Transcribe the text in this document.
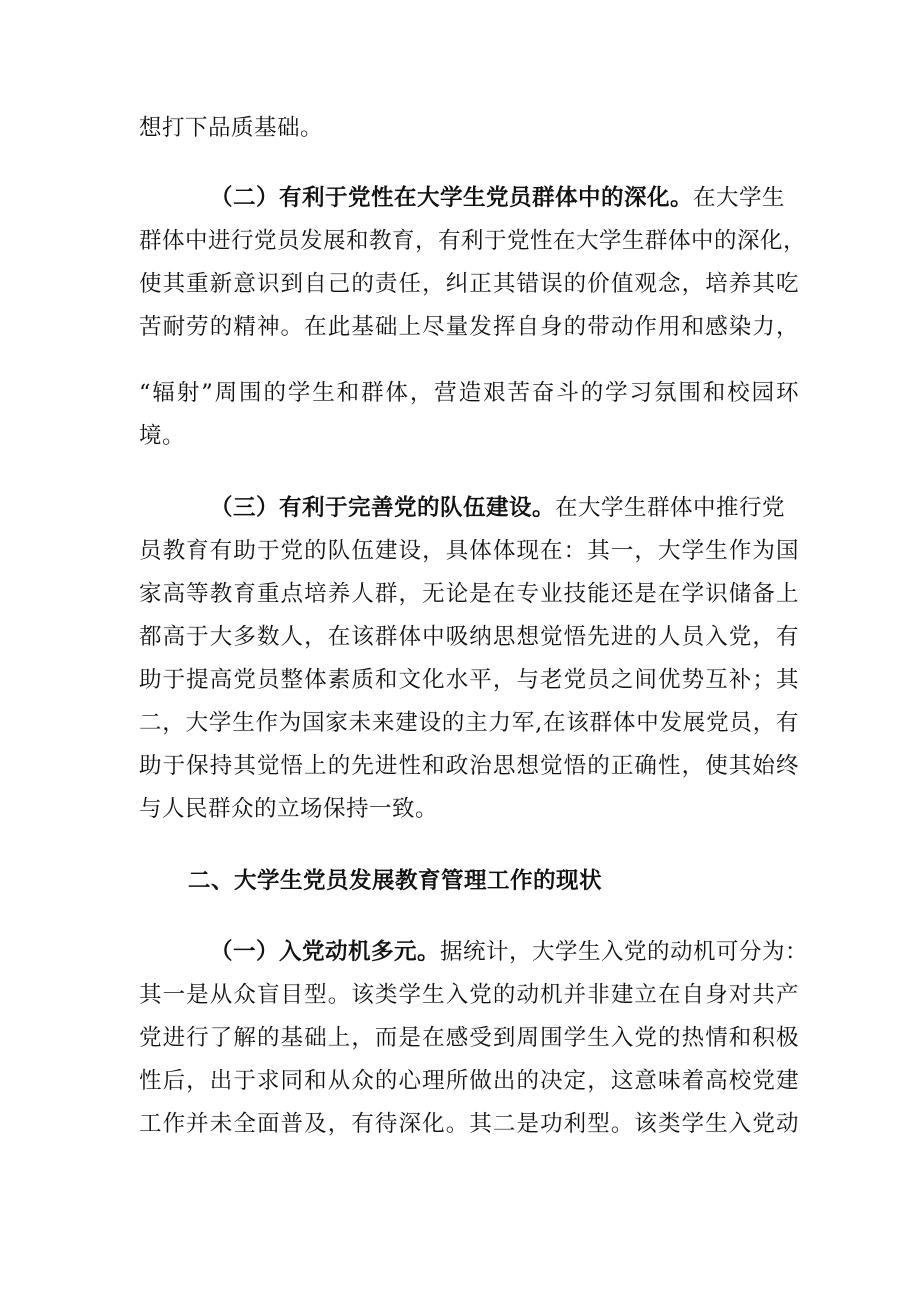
想打下品质基础。
（二）有利于党性在大学生党员群体中的深化。在大学生
群体中进行党员发展和教育，有利于党性在大学生群体中的深化，
使其重新意识到自己的责任，纠正其错误的价值观念，培养其吃
苦耐劳的精神。在此基础上尽量发挥自身的带动作用和感染力，
“辐射”周围的学生和群体，营造艰苦奋斗的学习氛围和校园环
境。
（三）有利于完善党的队伍建设。在大学生群体中推行党
员教育有助于党的队伍建设，具体体现在：其一，大学生作为国
家高等教育重点培养人群，无论是在专业技能还是在学识储备上
都高于大多数人，在该群体中吸纳思想觉悟先进的人员入党，有
助于提高党员整体素质和文化水平，与老党员之间优势互补；其
二，大学生作为国家未来建设的主力军,在该群体中发展党员，有
助于保持其觉悟上的先进性和政治思想觉悟的正确性，使其始终
与人民群众的立场保持一致。
二、大学生党员发展教育管理工作的现状
（一）入党动机多元。据统计，大学生入党的动机可分为：
其一是从众盲目型。该类学生入党的动机并非建立在自身对共产
党进行了解的基础上，而是在感受到周围学生入党的热情和积极
性后，出于求同和从众的心理所做出的决定，这意味着高校党建
工作并未全面普及，有待深化。其二是功利型。该类学生入党动
